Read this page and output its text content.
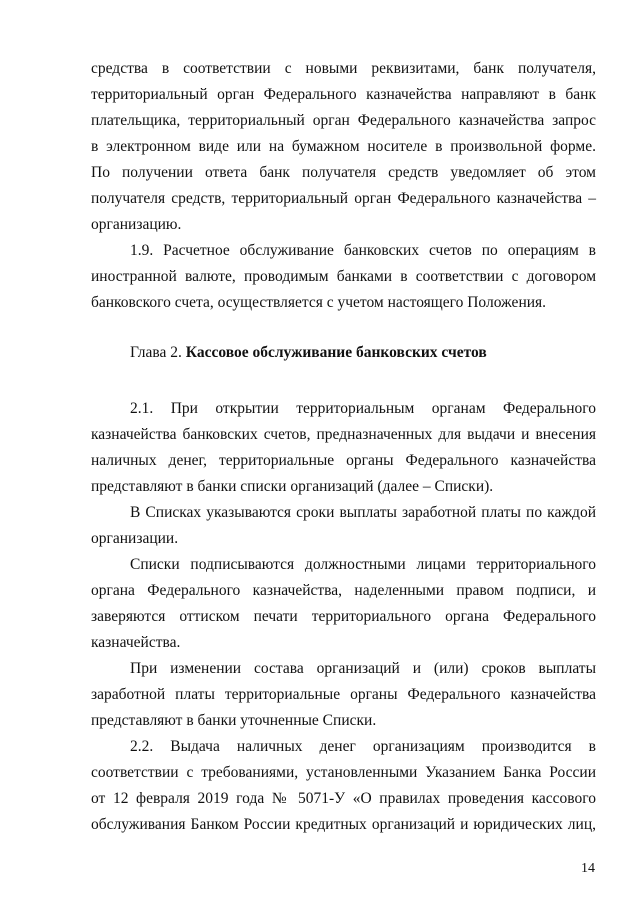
средства в соответствии с новыми реквизитами, банк получателя,
территориальный орган Федерального казначейства направляют в банк
плательщика, территориальный орган Федерального казначейства запрос
в электронном виде или на бумажном носителе в произвольной форме.
По получении ответа банк получателя средств уведомляет об этом
получателя средств, территориальный орган Федерального казначейства –
организацию.
1.9. Расчетное обслуживание банковских счетов по операциям в
иностранной валюте, проводимым банками в соответствии с договором
банковского счета, осуществляется с учетом настоящего Положения.
Глава 2. Кассовое обслуживание банковских счетов
2.1. При открытии территориальным органам Федерального
казначейства банковских счетов, предназначенных для выдачи и внесения
наличных денег, территориальные органы Федерального казначейства
представляют в банки списки организаций (далее – Списки).
В Списках указываются сроки выплаты заработной платы по каждой
организации.
Списки подписываются должностными лицами территориального
органа Федерального казначейства, наделенными правом подписи, и
заверяются оттиском печати территориального органа Федерального
казначейства.
При изменении состава организаций и (или) сроков выплаты
заработной платы территориальные органы Федерального казначейства
представляют в банки уточненные Списки.
2.2. Выдача наличных денег организациям производится в
соответствии с требованиями, установленными Указанием Банка России
от 12 февраля 2019 года № 5071-У «О правилах проведения кассового
обслуживания Банком России кредитных организаций и юридических лиц,
14
